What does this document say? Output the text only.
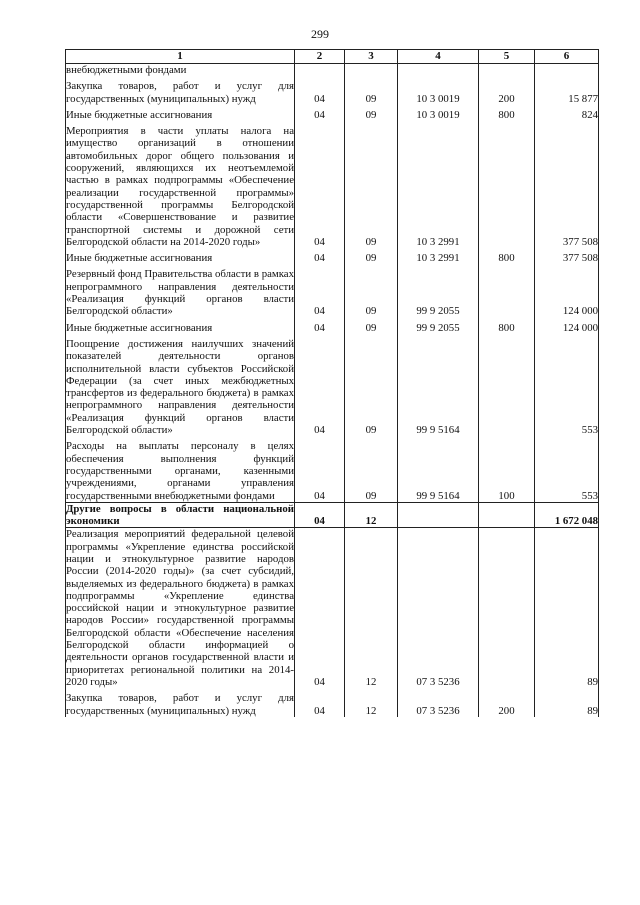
299
1	2	3	4	5	6
внебюджетными фондами					

Закупка товаров, работ и услуг для государственных (муниципальных) нужд	04	09	10 3 0019	200	15 877

Иные бюджетные ассигнования	04	09	10 3 0019	800	824

Мероприятия в части уплаты налога на имущество организаций в отношении автомобильных дорог общего пользования и сооружений, являющихся их неотъемлемой частью в рамках подпрограммы «Обеспечение реализации государственной программы» государственной программы Белгородской области «Совершенствование и развитие транспортной системы и дорожной сети Белгородской области на 2014-2020 годы»	04	09	10 3 2991		377 508

Иные бюджетные ассигнования	04	09	10 3 2991	800	377 508

Резервный фонд Правительства области в рамках непрограммного направления деятельности «Реализация функций органов власти Белгородской области»	04	09	99 9 2055		124 000

Иные бюджетные ассигнования	04	09	99 9 2055	800	124 000

Поощрение достижения наилучших значений показателей деятельности органов исполнительной власти субъектов Российской Федерации (за счет иных межбюджетных трансфертов из федерального бюджета) в рамках непрограммного направления деятельности «Реализация функций органов власти Белгородской области»	04	09	99 9 5164		553

Расходы на выплаты персоналу в целях обеспечения выполнения функций государственными органами, казенными учреждениями, органами управления государственными внебюджетными фондами	04	09	99 9 5164	100	553
Другие вопросы в области национальной экономики	04	12			1 672 048
Реализация мероприятий федеральной целевой программы «Укрепление единства российской нации и этнокультурное развитие народов России (2014-2020 годы)» (за счет субсидий, выделяемых из федерального бюджета) в рамках подпрограммы «Укрепление единства российской нации и этнокультурное развитие народов России» государственной программы Белгородской области «Обеспечение населения Белгородской области информацией о деятельности органов государственной власти и приоритетах региональной политики на 2014-2020 годы»	04	12	07 3 5236		89

Закупка товаров, работ и услуг для государственных (муниципальных) нужд	04	12	07 3 5236	200	89
